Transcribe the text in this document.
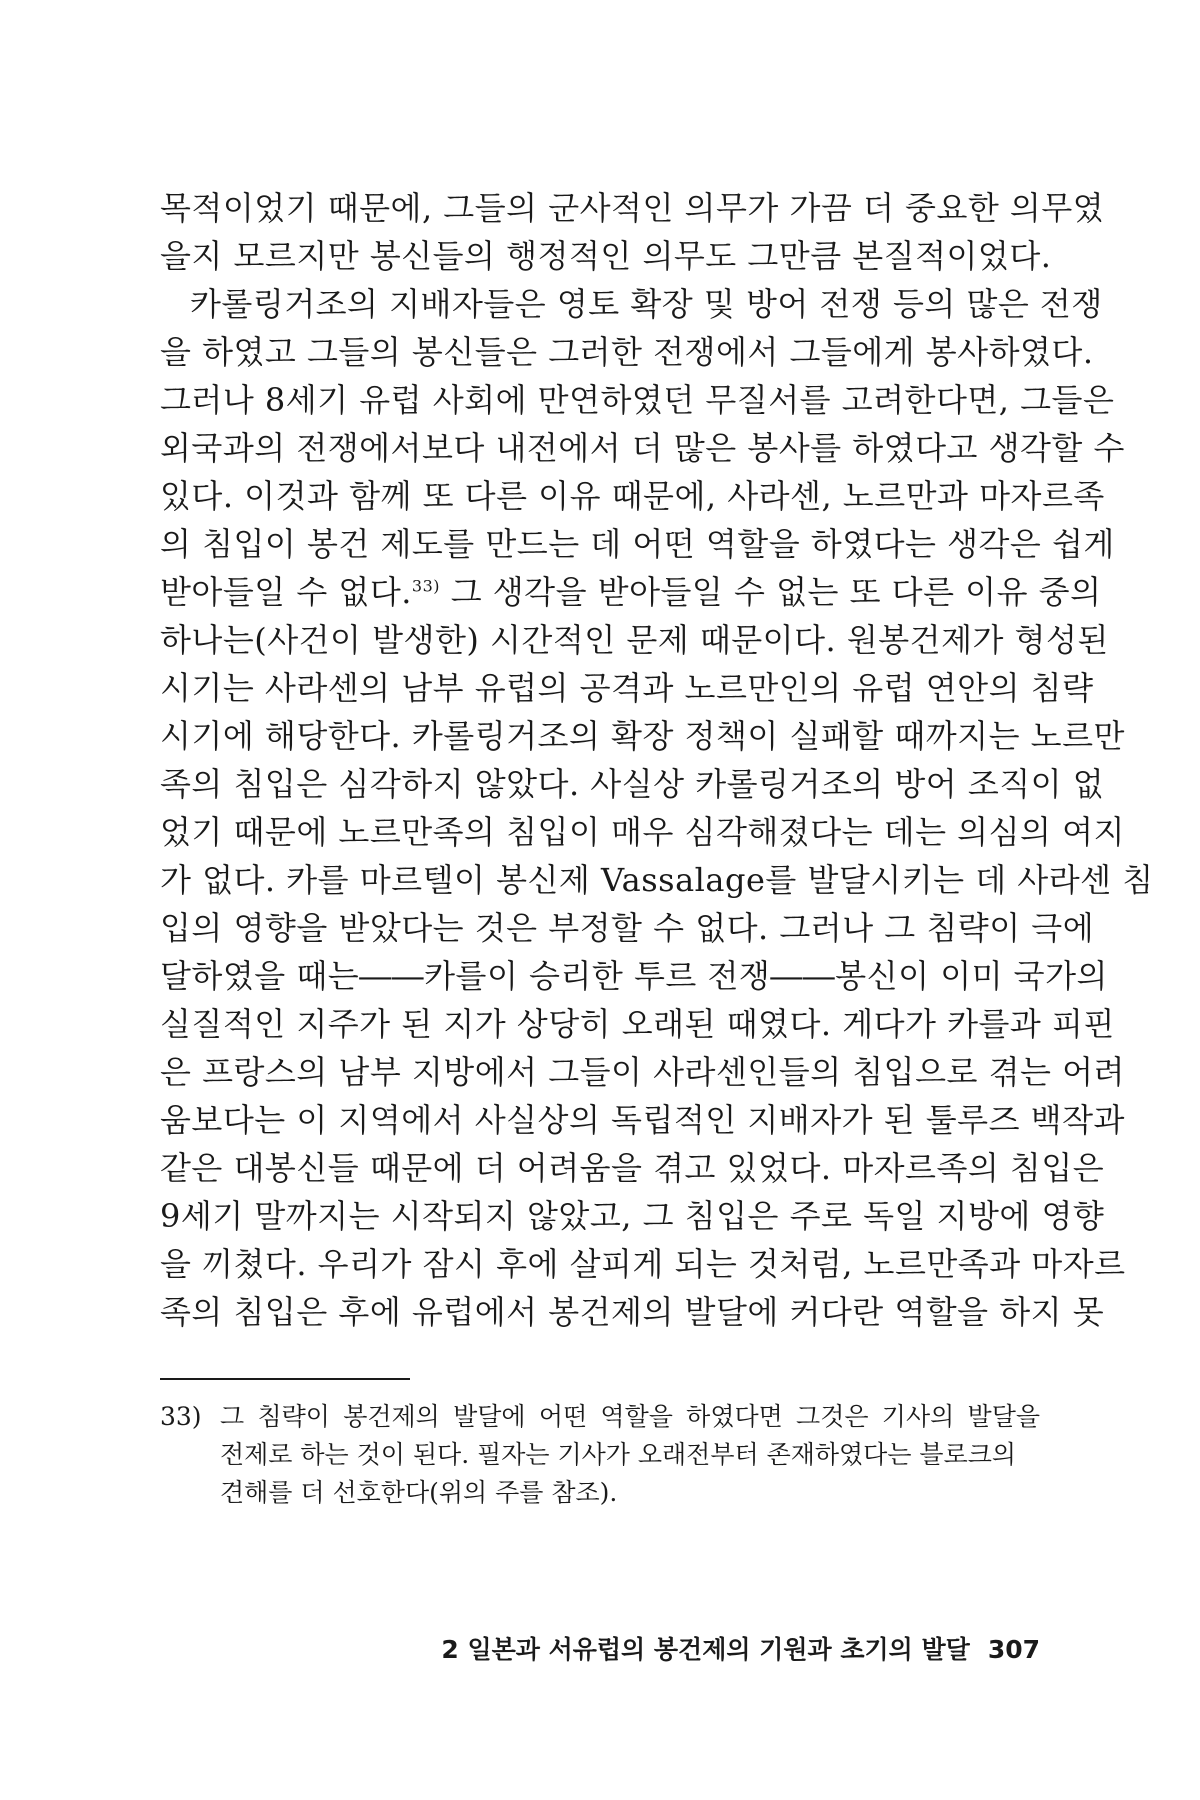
목적이었기 때문에, 그들의 군사적인 의무가 가끔 더 중요한 의무였
을지 모르지만 봉신들의 행정적인 의무도 그만큼 본질적이었다.
카롤링거조의 지배자들은 영토 확장 및 방어 전쟁 등의 많은 전쟁
을 하였고 그들의 봉신들은 그러한 전쟁에서 그들에게 봉사하였다.
그러나 8세기 유럽 사회에 만연하였던 무질서를 고려한다면, 그들은
외국과의 전쟁에서보다 내전에서 더 많은 봉사를 하였다고 생각할 수
있다. 이것과 함께 또 다른 이유 때문에, 사라센, 노르만과 마자르족
의 침입이 봉건 제도를 만드는 데 어떤 역할을 하였다는 생각은 쉽게
받아들일 수 없다.$^{33)}$ 그 생각을 받아들일 수 없는 또 다른 이유 중의
하나는(사건이 발생한) 시간적인 문제 때문이다. 원봉건제가 형성된
시기는 사라센의 남부 유럽의 공격과 노르만인의 유럽 연안의 침략
시기에 해당한다. 카롤링거조의 확장 정책이 실패할 때까지는 노르만
족의 침입은 심각하지 않았다. 사실상 카롤링거조의 방어 조직이 없
었기 때문에 노르만족의 침입이 매우 심각해졌다는 데는 의심의 여지
가 없다. 카를 마르텔이 봉신제 Vassalage를 발달시키는 데 사라센 침
입의 영향을 받았다는 것은 부정할 수 없다. 그러나 그 침략이 극에
달하였을 때는――카를이 승리한 투르 전쟁――봉신이 이미 국가의
실질적인 지주가 된 지가 상당히 오래된 때였다. 게다가 카를과 피핀
은 프랑스의 남부 지방에서 그들이 사라센인들의 침입으로 겪는 어려
움보다는 이 지역에서 사실상의 독립적인 지배자가 된 툴루즈 백작과
같은 대봉신들 때문에 더 어려움을 겪고 있었다. 마자르족의 침입은
9세기 말까지는 시작되지 않았고, 그 침입은 주로 독일 지방에 영향
을 끼쳤다. 우리가 잠시 후에 살피게 되는 것처럼, 노르만족과 마자르
족의 침입은 후에 유럽에서 봉건제의 발달에 커다란 역할을 하지 못
33) 그 침략이 봉건제의 발달에 어떤 역할을 하였다면 그것은 기사의 발달을
전제로 하는 것이 된다. 필자는 기사가 오래전부터 존재하였다는 블로크의
견해를 더 선호한다(위의 주를 참조).
2 일본과 서유럽의 봉건제의 기원과 초기의 발달 307
